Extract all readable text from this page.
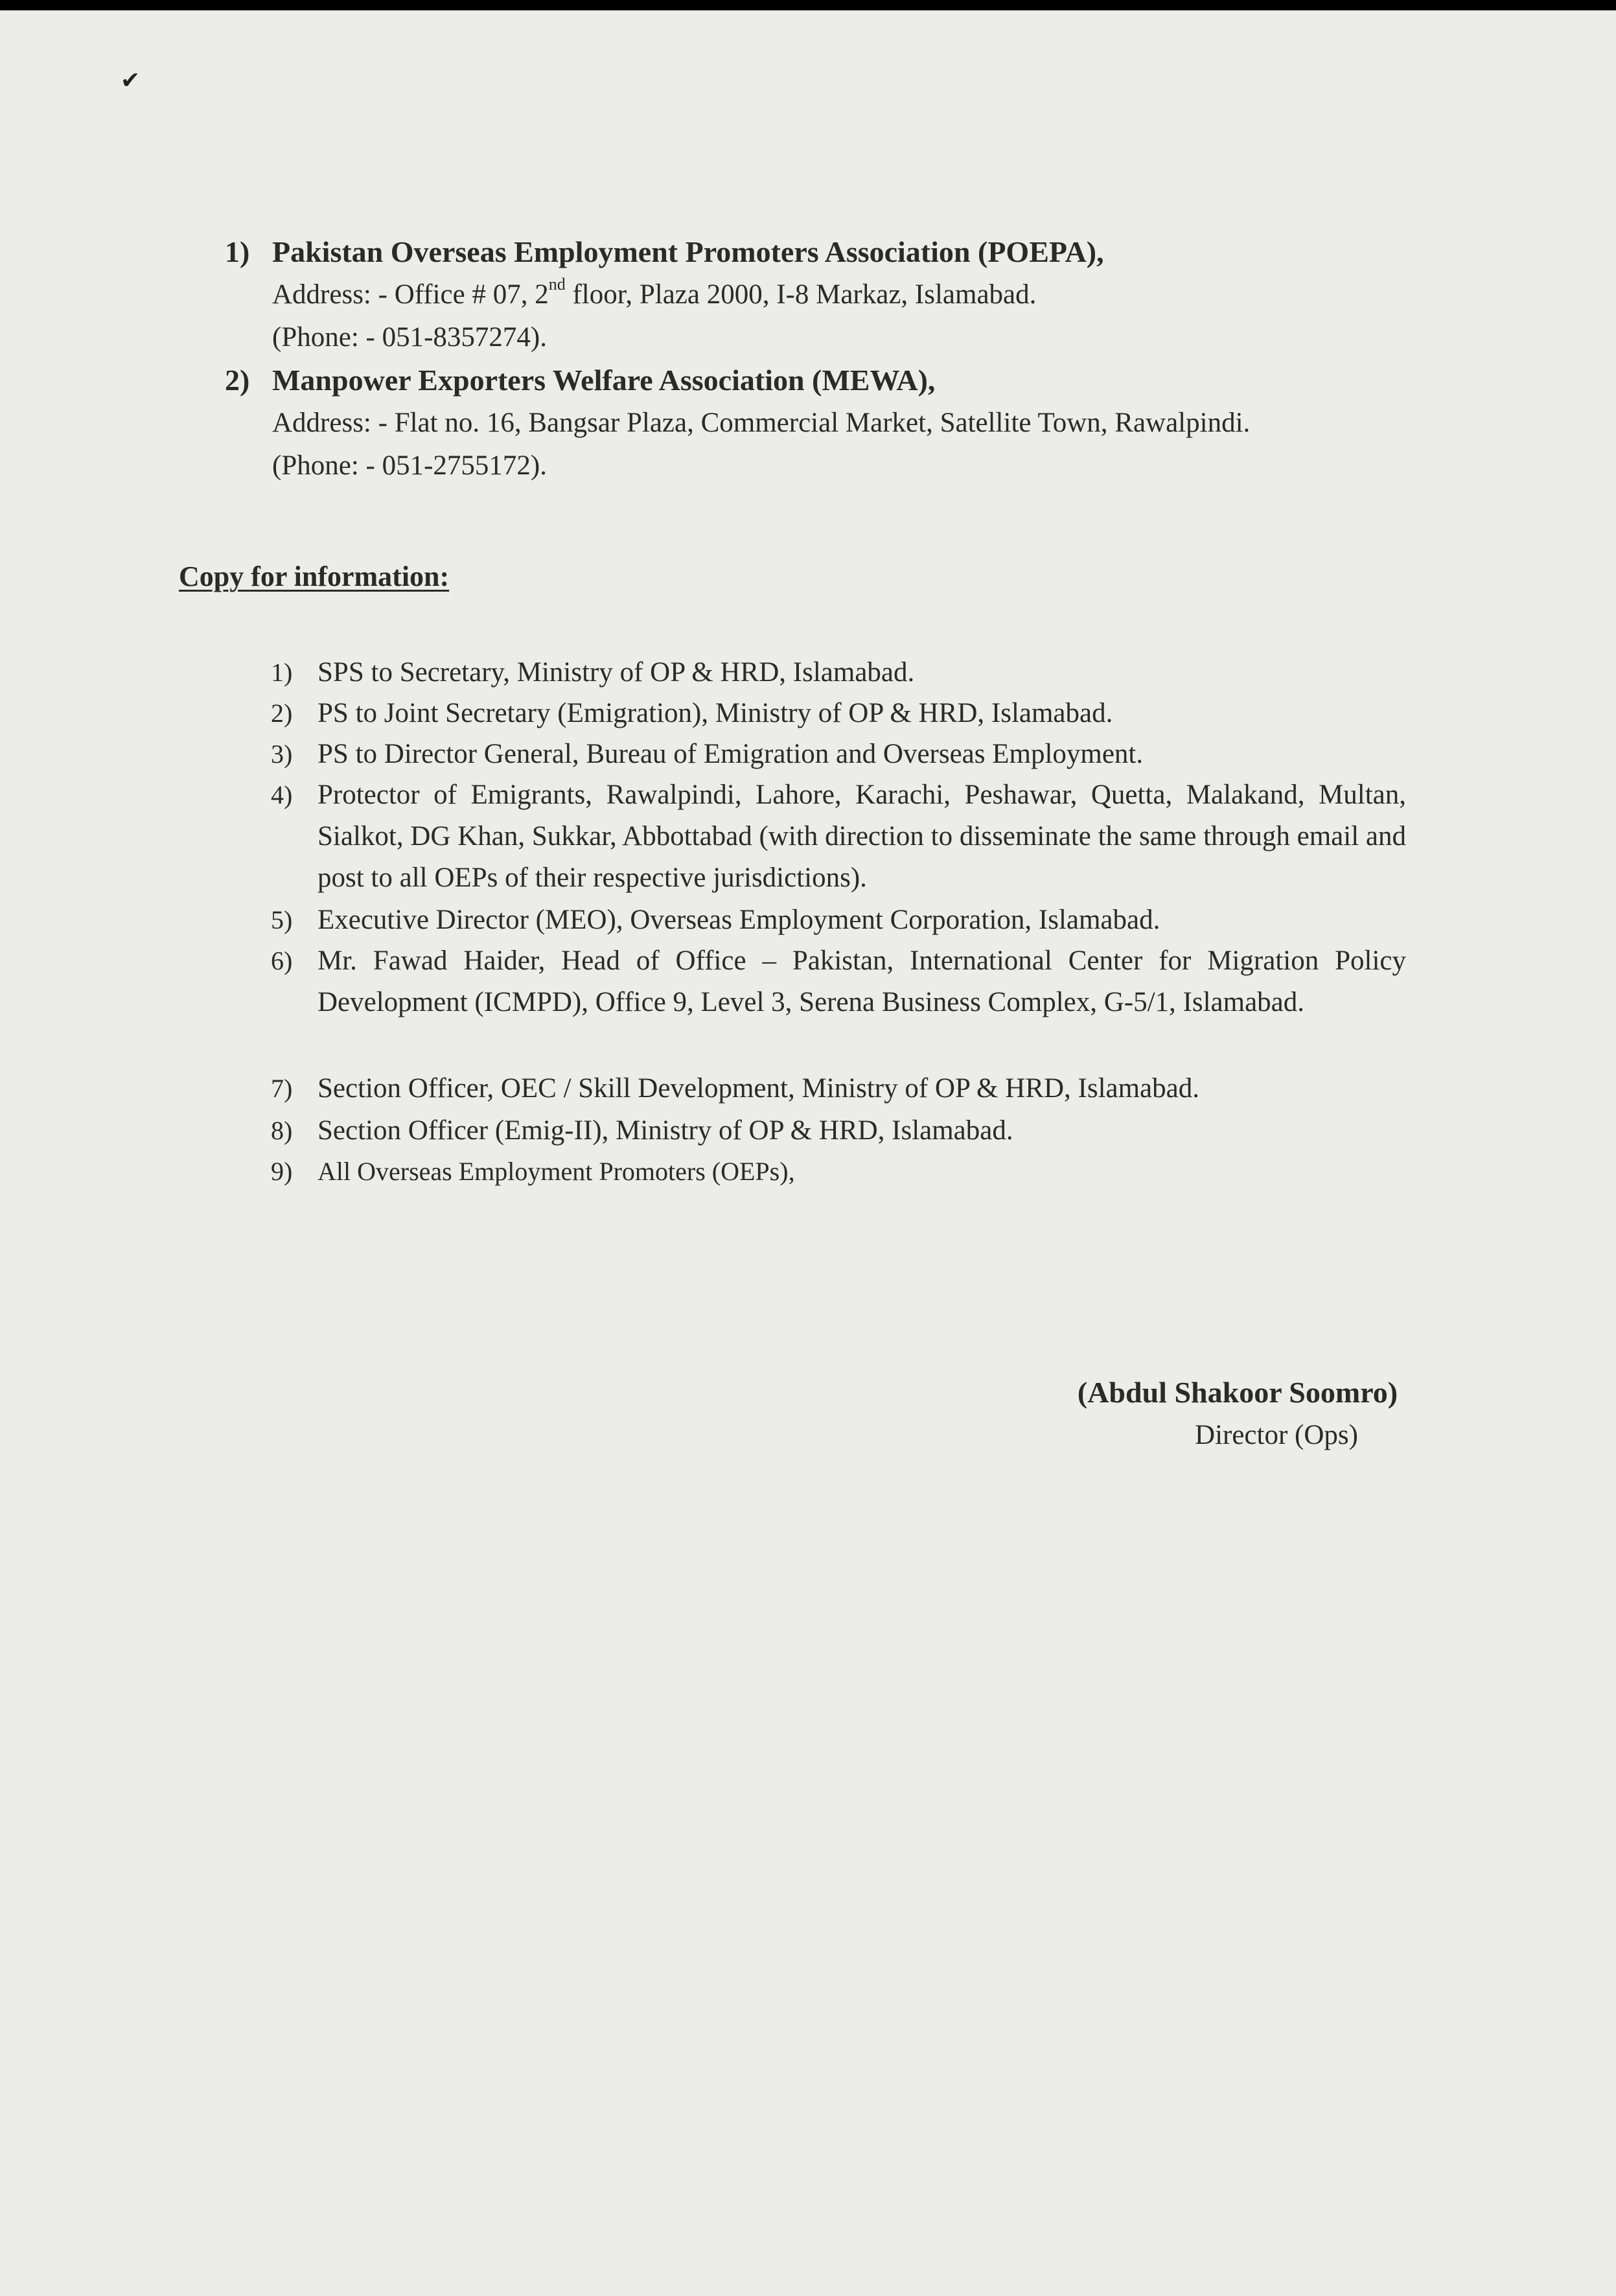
✔
1) Pakistan Overseas Employment Promoters Association (POEPA),
Address: - Office # 07, 2nd floor, Plaza 2000, I-8 Markaz, Islamabad.
(Phone: - 051-8357274).
2) Manpower Exporters Welfare Association (MEWA),
Address: - Flat no. 16, Bangsar Plaza, Commercial Market, Satellite Town, Rawalpindi.
(Phone: - 051-2755172).
Copy for information:
1) SPS to Secretary, Ministry of OP & HRD, Islamabad.
2) PS to Joint Secretary (Emigration), Ministry of OP & HRD, Islamabad.
3) PS to Director General, Bureau of Emigration and Overseas Employment.
4) Protector of Emigrants, Rawalpindi, Lahore, Karachi, Peshawar, Quetta, Malakand, Multan, Sialkot, DG Khan, Sukkar, Abbottabad (with direction to disseminate the same through email and post to all OEPs of their respective jurisdictions).
5) Executive Director (MEO), Overseas Employment Corporation, Islamabad.
6) Mr. Fawad Haider, Head of Office – Pakistan, International Center for Migration Policy Development (ICMPD), Office 9, Level 3, Serena Business Complex, G-5/1, Islamabad.
7) Section Officer, OEC / Skill Development, Ministry of OP & HRD, Islamabad.
8) Section Officer (Emig-II), Ministry of OP & HRD, Islamabad.
9) All Overseas Employment Promoters (OEPs),
(Abdul Shakoor Soomro)
Director (Ops)
